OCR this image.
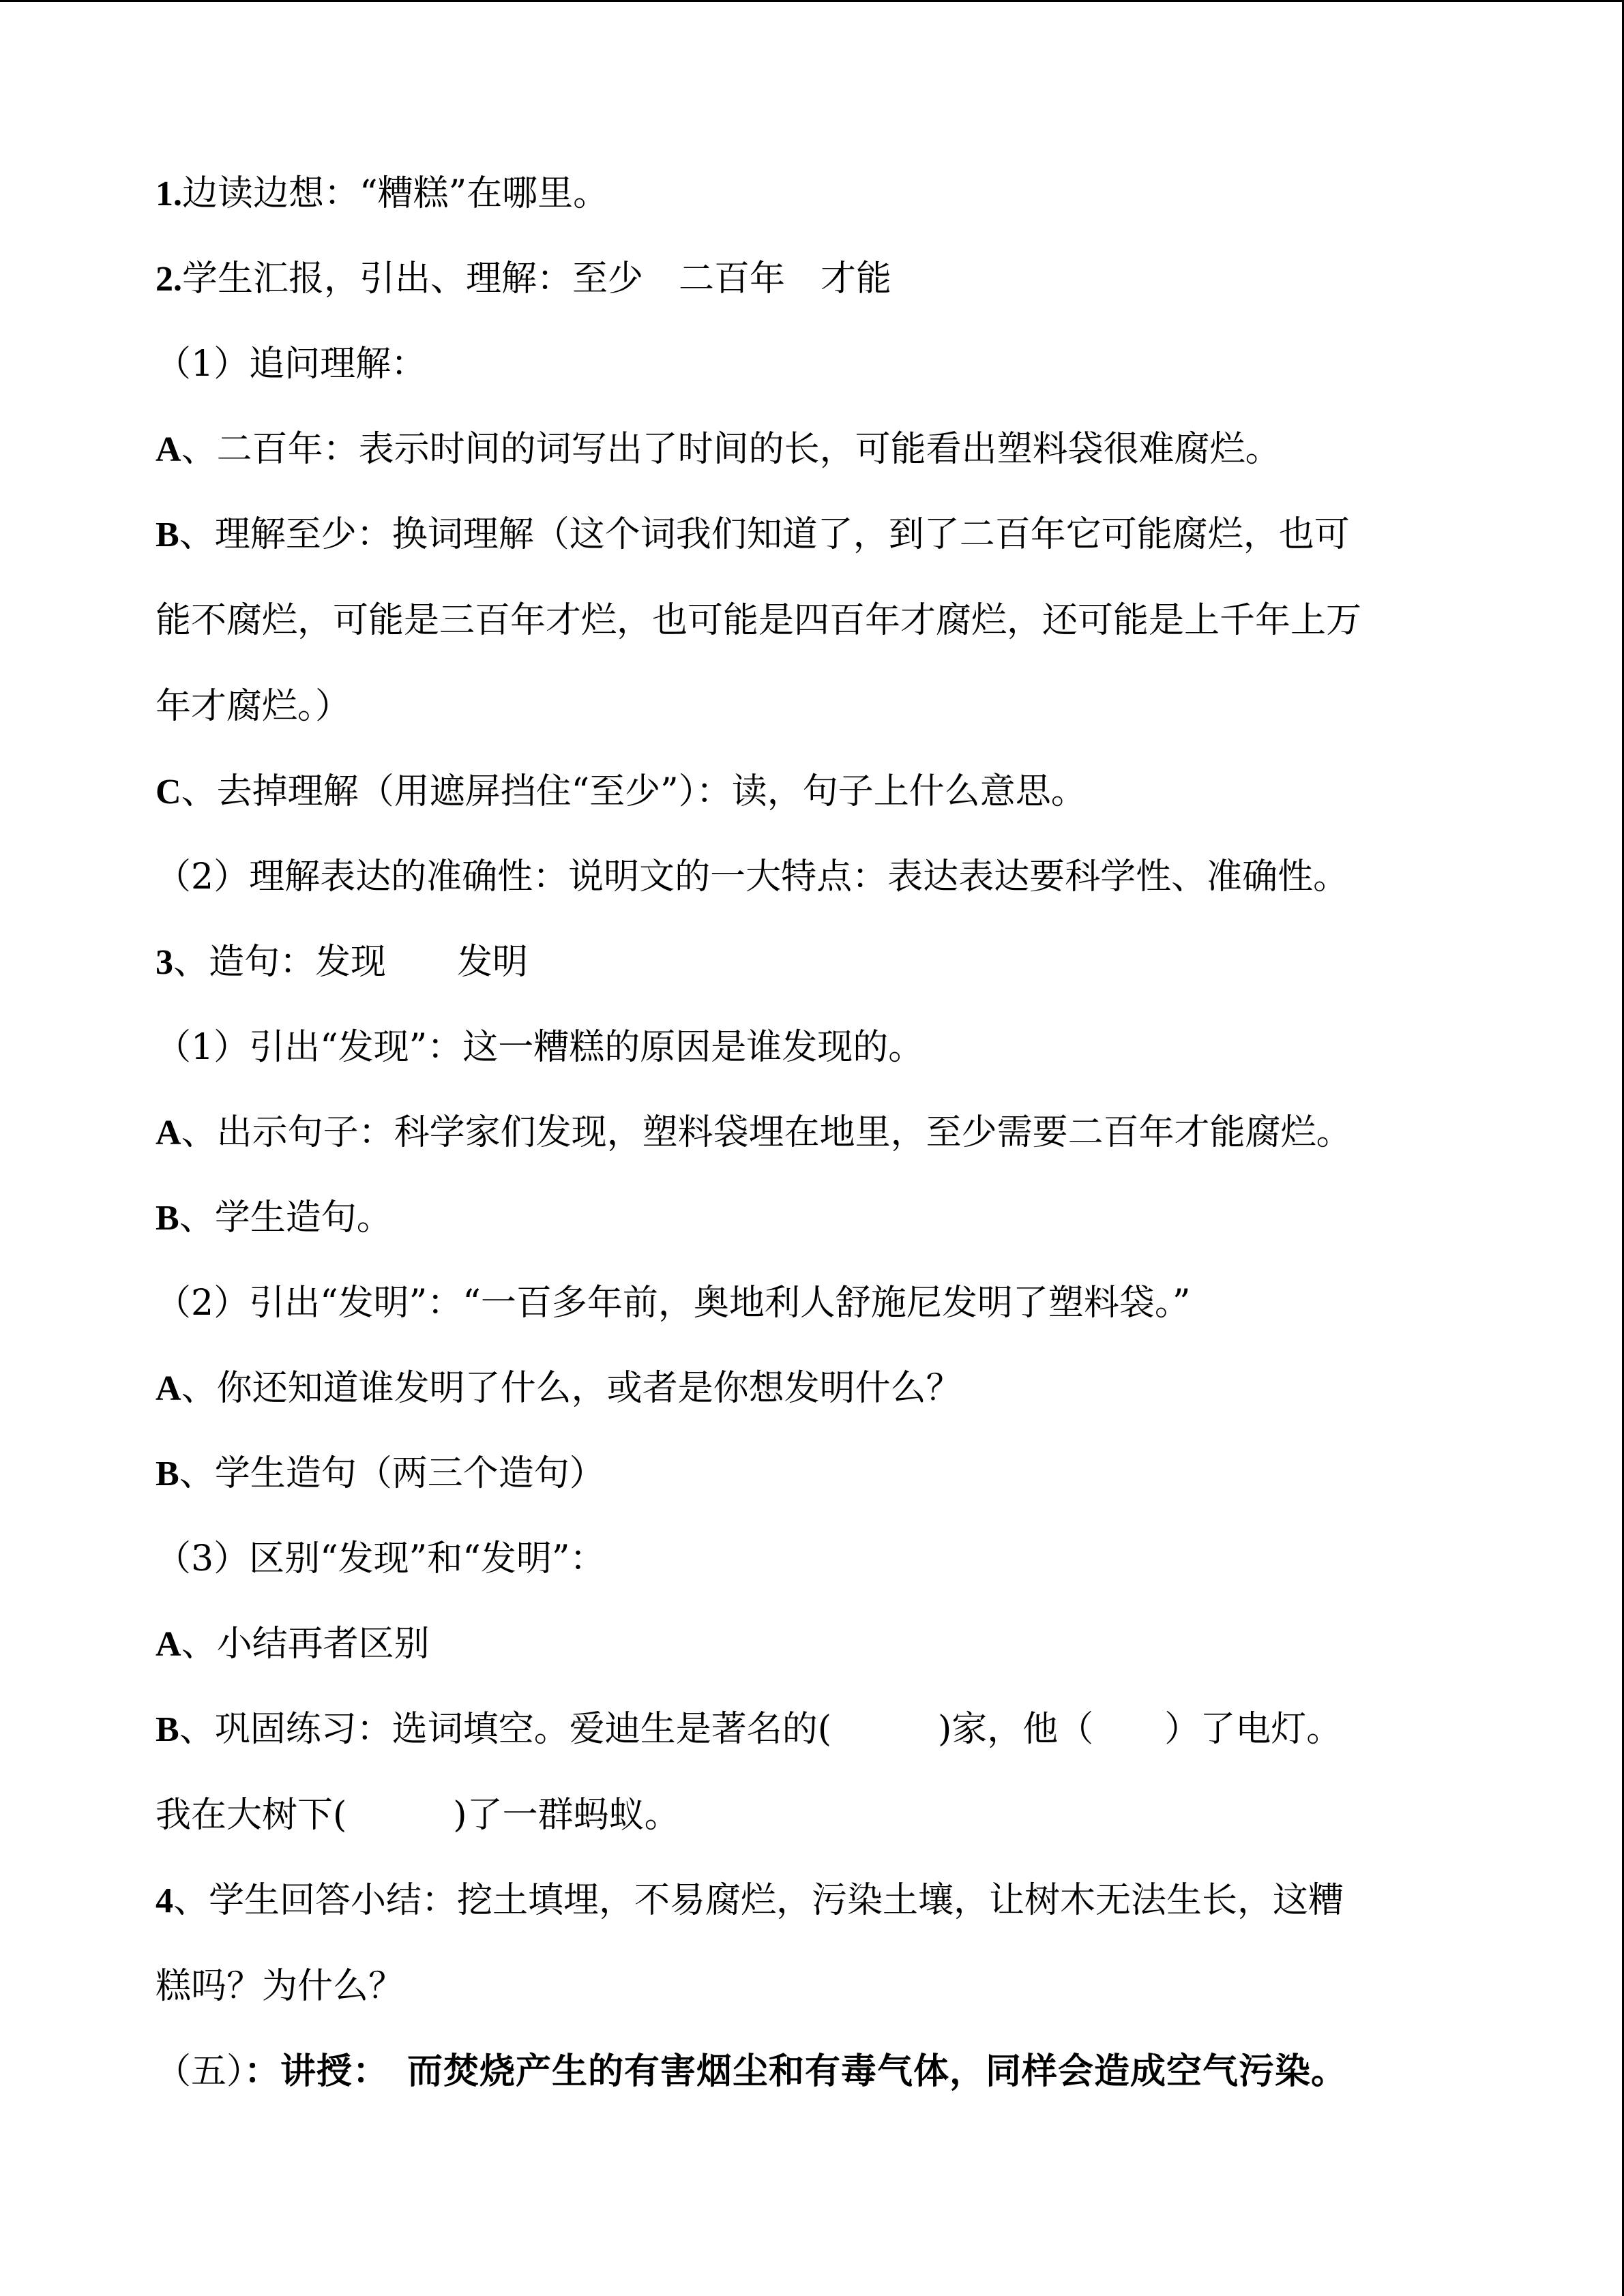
1.边读边想：“糟糕”在哪里。
2.学生汇报，引出、理解：至少　二百年　才能
（1）追问理解：
A、二百年：表示时间的词写出了时间的长，可能看出塑料袋很难腐烂。
B、理解至少：换词理解（这个词我们知道了，到了二百年它可能腐烂，也可
能不腐烂，可能是三百年才烂，也可能是四百年才腐烂，还可能是上千年上万
年才腐烂。）
C、去掉理解（用遮屏挡住“至少”）：读，句子上什么意思。
（2）理解表达的准确性：说明文的一大特点：表达表达要科学性、准确性。
3、造句：发现　　发明
（1）引出“发现”：这一糟糕的原因是谁发现的。
A、出示句子：科学家们发现，塑料袋埋在地里，至少需要二百年才能腐烂。
B、学生造句。
（2）引出“发明”：“一百多年前，奥地利人舒施尼发明了塑料袋。”
A、你还知道谁发明了什么，或者是你想发明什么？
B、学生造句（两三个造句）
（3）区别“发现”和“发明”：
A、小结再者区别
B、巩固练习：选词填空。爱迪生是著名的(　　　)家，他（　　）了电灯。
我在大树下(　　　)了一群蚂蚁。
4、学生回答小结：挖土填埋，不易腐烂，污染土壤，让树木无法生长，这糟
糕吗？为什么？
（五）：讲授：　而焚烧产生的有害烟尘和有毒气体，同样会造成空气污染。
